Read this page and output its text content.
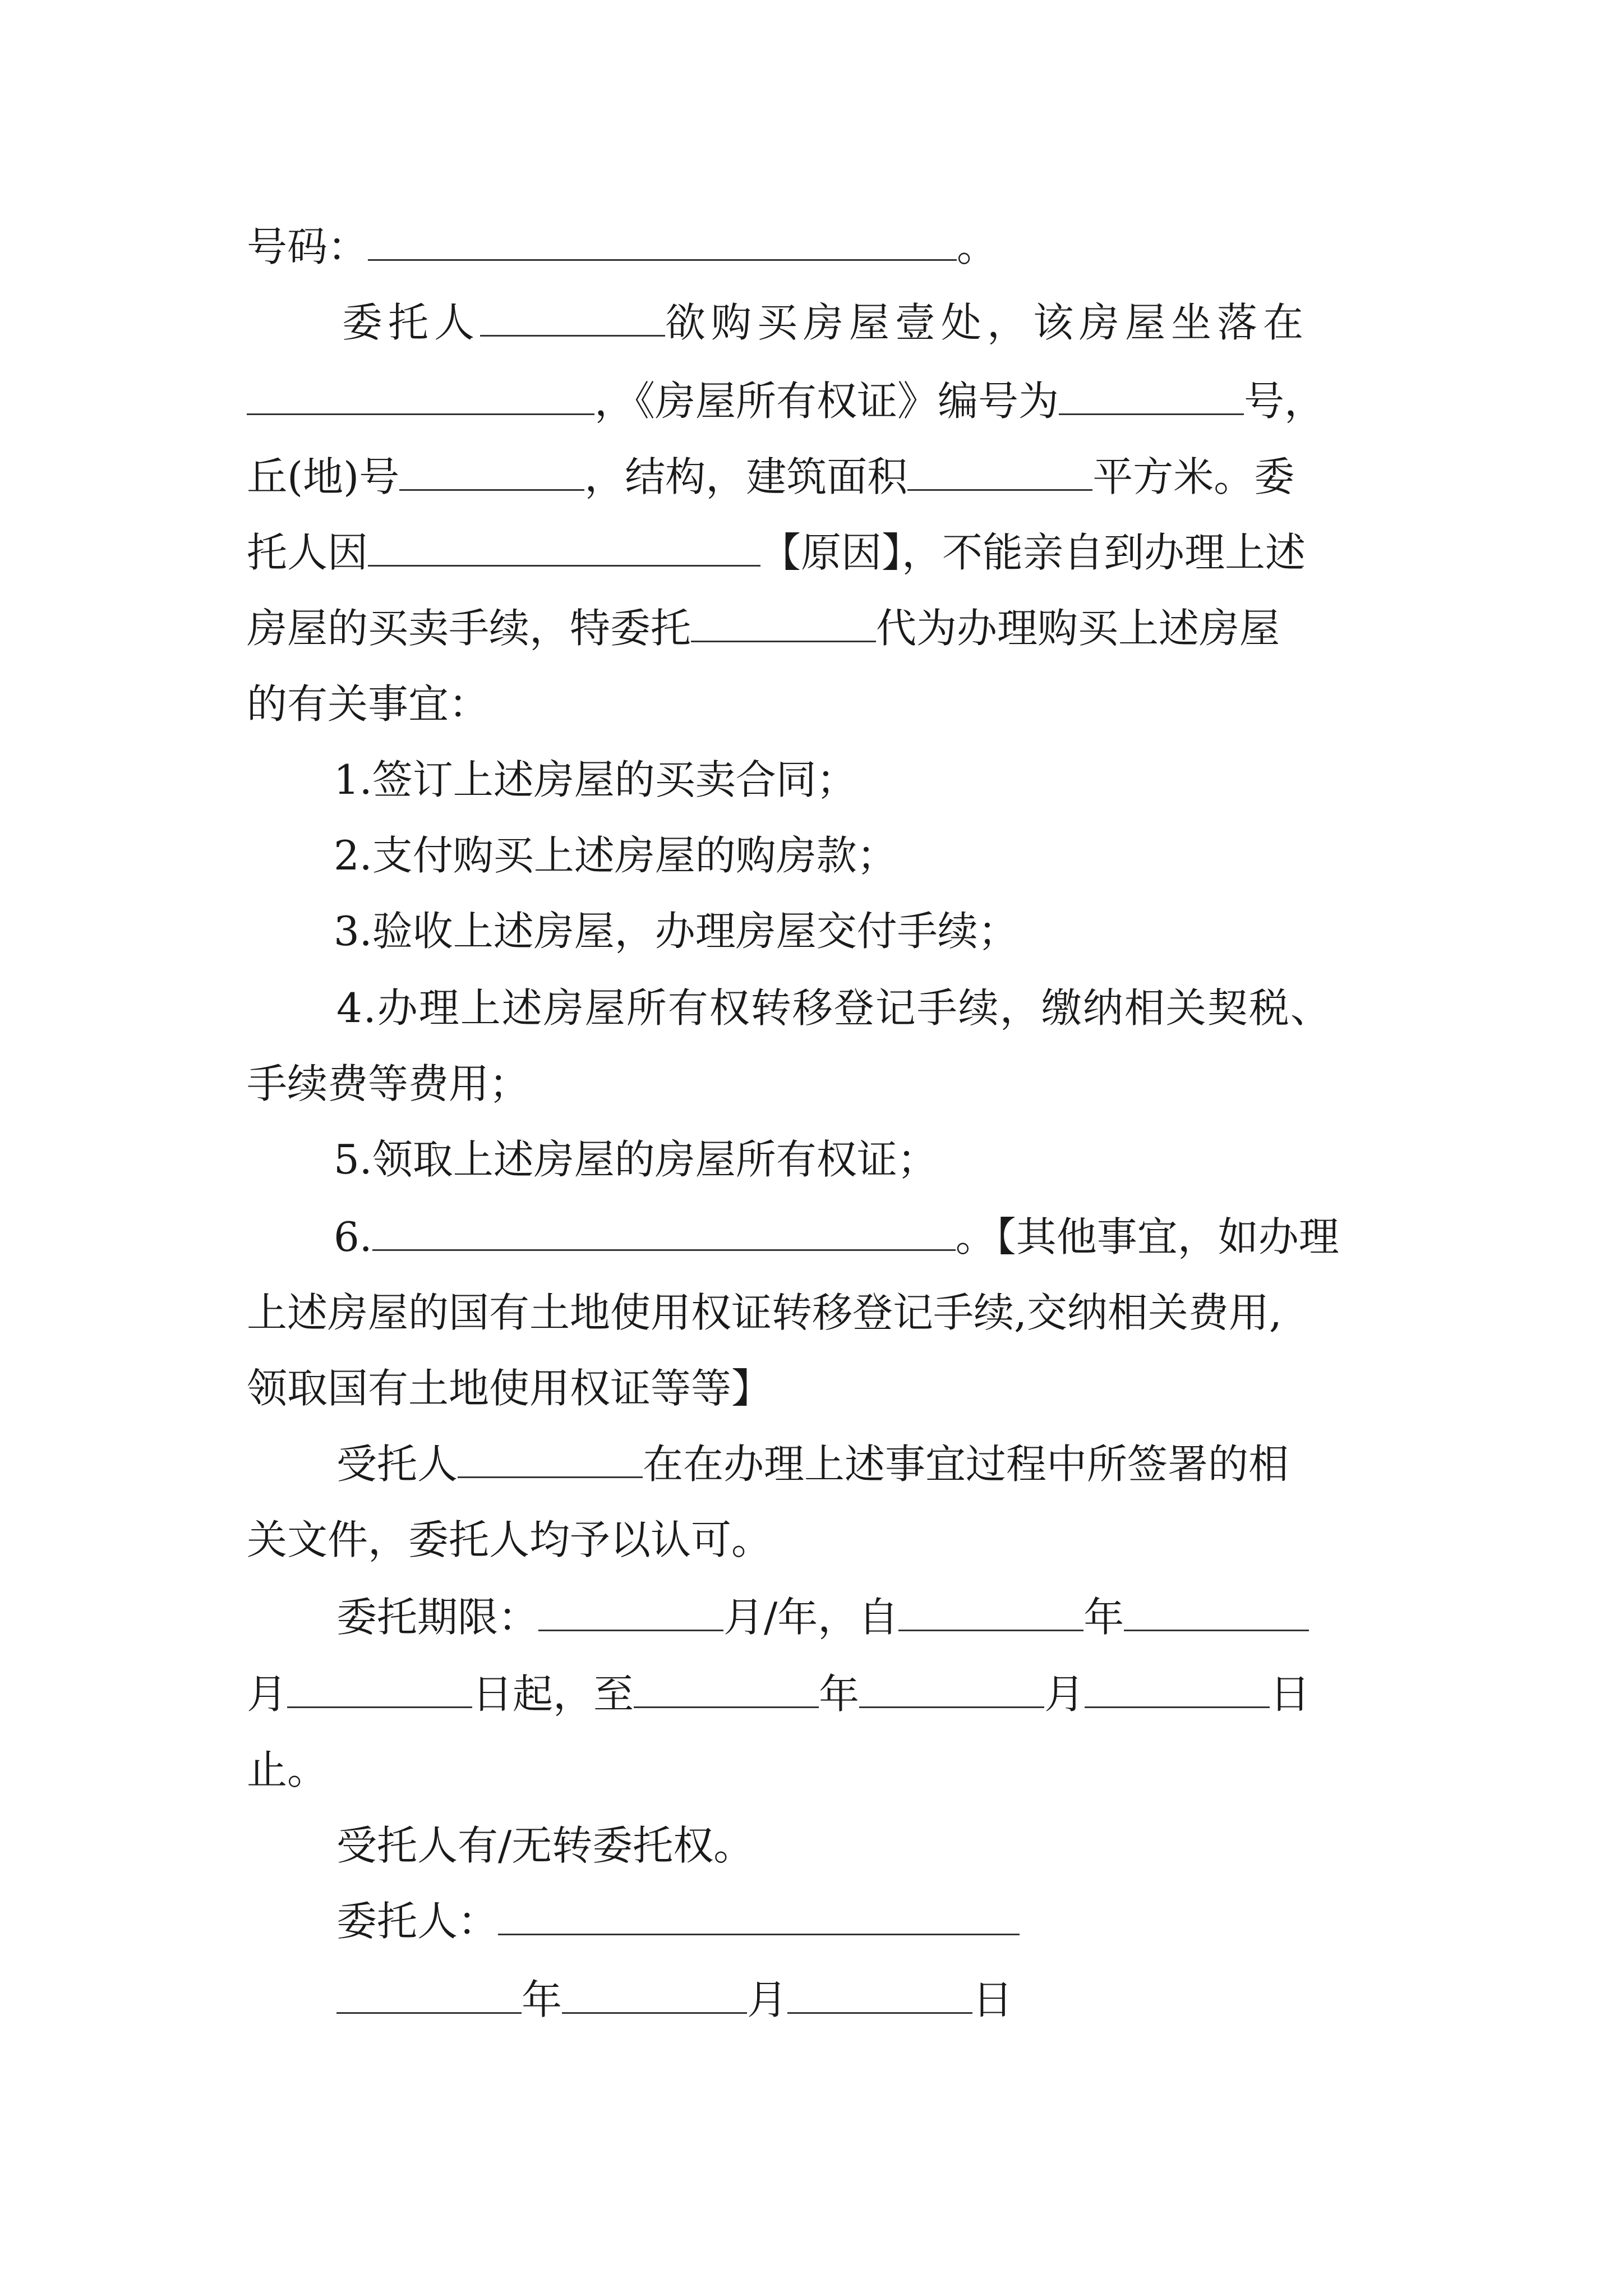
号码：	。
委托人	欲购买房屋壹处，该房屋坐落在
，《房屋所有权证》编号为	号，
丘(地)号	，结构，建筑面积	平方米。委
托人因	【原因】，不能亲自到办理上述
房屋的买卖手续，特委托	代为办理购买上述房屋
的有关事宜：
1.签订上述房屋的买卖合同；
2.支付购买上述房屋的购房款；
3.验收上述房屋，办理房屋交付手续；
4.办理上述房屋所有权转移登记手续，缴纳相关契税、
手续费等费用；
5.领取上述房屋的房屋所有权证；
6.	。【其他事宜，如办理
上述房屋的国有土地使用权证转移登记手续,交纳相关费用,
领取国有土地使用权证等等】
受托人	在在办理上述事宜过程中所签署的相
关文件，委托人均予以认可。
委托期限：	月/年，自	年
月	日起，至	年	月	日
止。
受托人有/无转委托权。
委托人：
年	月	日
